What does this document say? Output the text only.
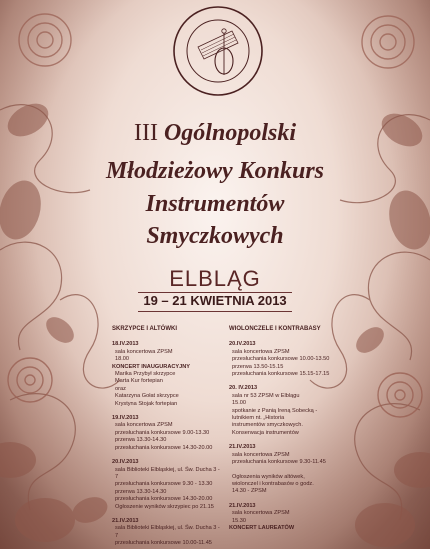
III Ogólnopolski
Młodzieżowy Konkurs
Instrumentów
Smyczkowych
ELBLĄG
19 – 21 KWIETNIA 2013
SKRZYPCE I ALTÓWKI
18.IV.2013
sala koncertowa ZPSM
18.00
KONCERT INAUGURACYJNY
Marika Przybył skrzypce
Marta Kur fortepian
oraz
Katarzyna Gołat skrzypce
Krystyna Stojak fortepian
19.IV.2013
sala koncertowa ZPSM
przesłuchania konkursowe 9.00-13.30
przerwa 13.30-14.30
przesłuchania konkursowe 14.30-20.00
20.IV.2013
sala Biblioteki Elbląskiej, ul. Św. Ducha 3 - 7
przesłuchania konkursowe 9.30 - 13.30
przerwa 13.30-14.30
przesłuchania konkursowe 14.30-20.00
Ogłoszenie wyników skrzypiec po 21.15
21.IV.2013
sala Biblioteki Elbląskiej, ul. Św. Ducha 3 - 7
przesłuchania konkursowe 10.00-11.45
WIOLONCZELE I KONTRABASY
20.IV.2013
sala koncertowa ZPSM
przesłuchania konkursowe 10.00-13.50
przerwa 13.50-15.15
przesłuchania konkursowe 15.15-17.15
20. IV.2013
sala nr 53 ZPSM w Elblągu
15.00
spotkanie z Panią Ireną Sobecką -
lutnikiem nt. „Historia
instrumentów smyczkowych.
Konserwacja instrumentów
21.IV.2013
sala koncertowa ZPSM
przesłuchania konkursowe 9.30-11.45
Ogłoszenia wyników altówek,
wiolonczel i kontrabasów o godz.
14.30 - ZPSM
21.IV.2013
sala koncertowa ZPSM
15.30
KONCERT LAUREATÓW
